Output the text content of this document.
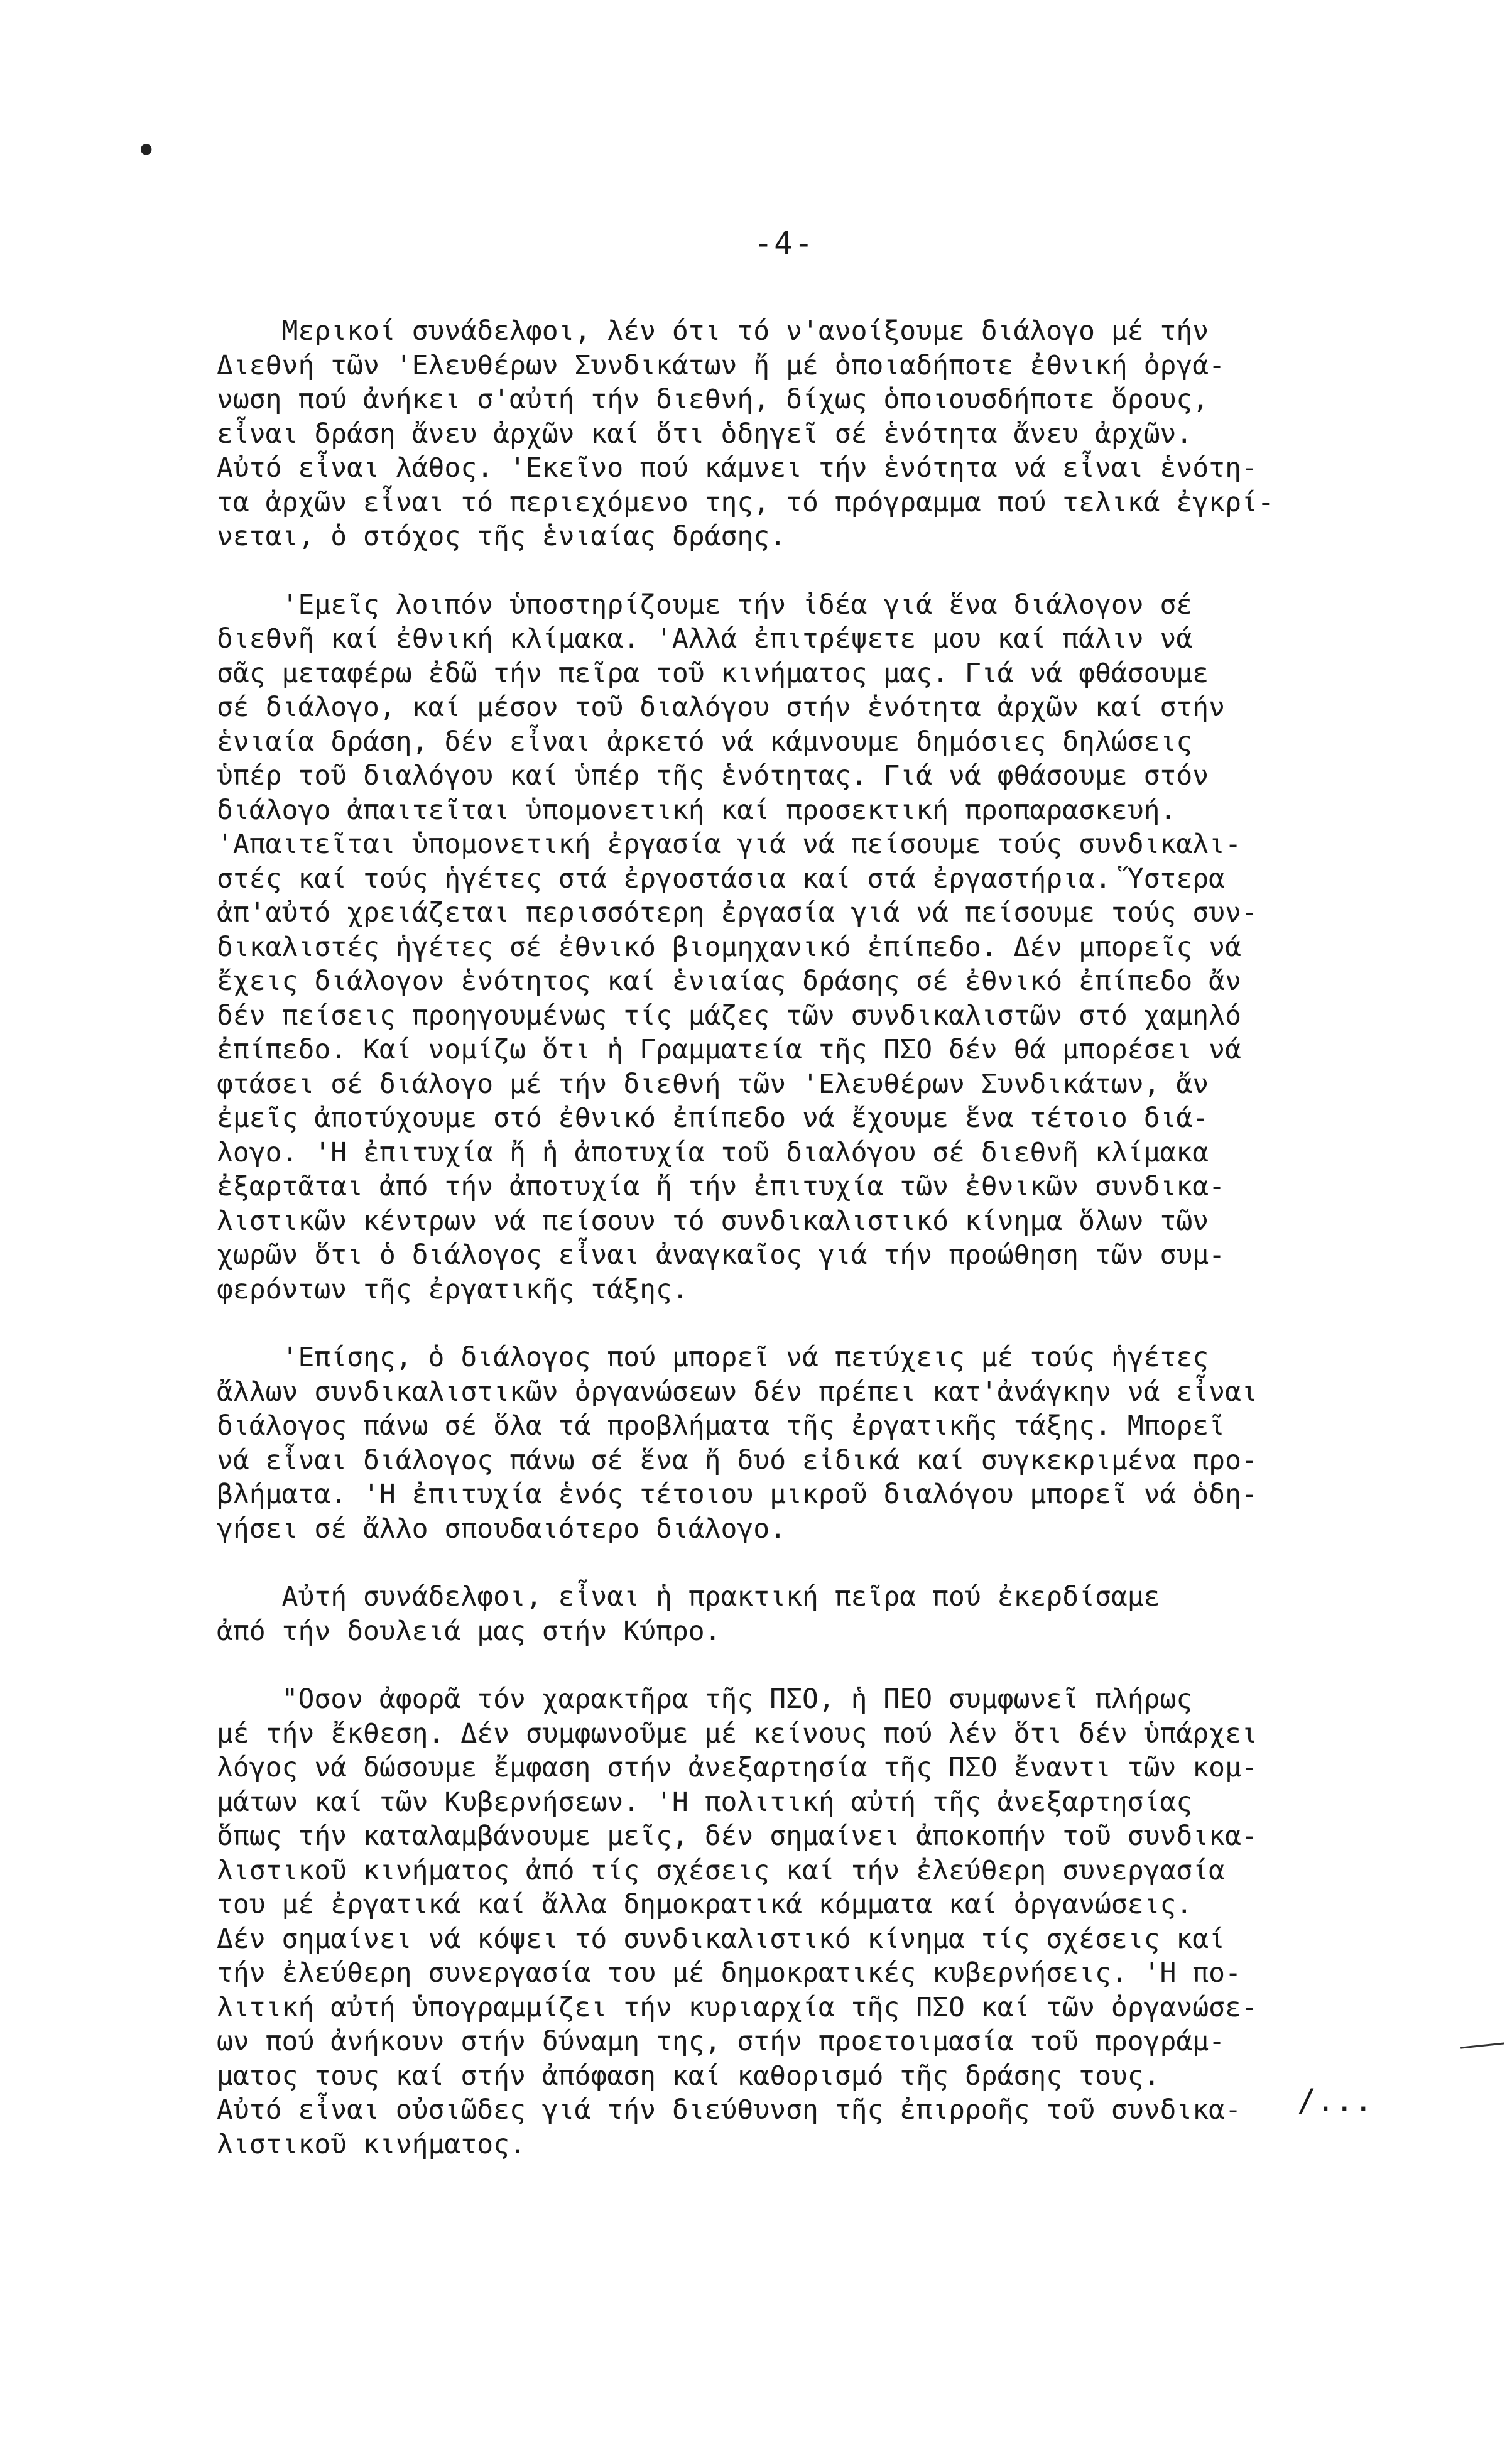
•
-4-

Μερικοί συνάδελφοι, λέν ότι τό ν'ανοίξουμε διάλογο μέ τήν
Διεθνή τῶν 'Ελευθέρων Συνδικάτων ἤ μέ ὁποιαδήποτε ἐθνική ὀργά-
νωση πού ἀνήκει σ'αὐτή τήν διεθνή, δίχως ὁποιουσδήποτε ὅρους,
εἶναι δράση ἄνευ ἀρχῶν καί ὅτι ὁδηγεῖ σέ ἑνότητα ἄνευ ἀρχῶν.
Αὐτό εἶναι λάθος. 'Εκεῖνο πού κάμνει τήν ἑνότητα νά εἶναι ἑνότη-
τα ἀρχῶν εἶναι τό περιεχόμενο της, τό πρόγραμμα πού τελικά ἐγκρί-
νεται, ὁ στόχος τῆς ἑνιαίας δράσης.

'Εμεῖς λοιπόν ὑποστηρίζουμε τήν ἰδέα γιά ἕνα διάλογον σέ
διεθνῆ καί ἐθνική κλίμακα. 'Αλλά ἐπιτρέψετε μου καί πάλιν νά
σᾶς μεταφέρω ἐδῶ τήν πεῖρα τοῦ κινήματος μας. Γιά νά φθάσουμε
σέ διάλογο, καί μέσον τοῦ διαλόγου στήν ἑνότητα ἀρχῶν καί στήν
ἑνιαία δράση, δέν εἶναι ἀρκετό νά κάμνουμε δημόσιες δηλώσεις
ὑπέρ τοῦ διαλόγου καί ὑπέρ τῆς ἑνότητας. Γιά νά φθάσουμε στόν
διάλογο ἀπαιτεῖται ὑπομονετική καί προσεκτική προπαρασκευή.
'Απαιτεῖται ὑπομονετική ἐργασία γιά νά πείσουμε τούς συνδικαλι-
στές καί τούς ἡγέτες στά ἐργοστάσια καί στά ἐργαστήρια. Ὕστερα
ἀπ'αὐτό χρειάζεται περισσότερη ἐργασία γιά νά πείσουμε τούς συν-
δικαλιστές ἡγέτες σέ ἐθνικό βιομηχανικό ἐπίπεδο. Δέν μπορεῖς νά
ἔχεις διάλογον ἑνότητος καί ἑνιαίας δράσης σέ ἐθνικό ἐπίπεδο ἄν
δέν πείσεις προηγουμένως τίς μάζες τῶν συνδικαλιστῶν στό χαμηλό
ἐπίπεδο. Καί νομίζω ὅτι ἡ Γραμματεία τῆς ΠΣΟ δέν θά μπορέσει νά
φτάσει σέ διάλογο μέ τήν διεθνή τῶν 'Ελευθέρων Συνδικάτων, ἄν
ἐμεῖς ἀποτύχουμε στό ἐθνικό ἐπίπεδο νά ἔχουμε ἕνα τέτοιο διά-
λογο. 'Η ἐπιτυχία ἤ ἡ ἀποτυχία τοῦ διαλόγου σέ διεθνῆ κλίμακα
ἐξαρτᾶται ἀπό τήν ἀποτυχία ἤ τήν ἐπιτυχία τῶν ἐθνικῶν συνδικα-
λιστικῶν κέντρων νά πείσουν τό συνδικαλιστικό κίνημα ὅλων τῶν
χωρῶν ὅτι ὁ διάλογος εἶναι ἀναγκαῖος γιά τήν προώθηση τῶν συμ-
φερόντων τῆς ἐργατικῆς τάξης.

'Επίσης, ὁ διάλογος πού μπορεῖ νά πετύχεις μέ τούς ἡγέτες
ἄλλων συνδικαλιστικῶν ὀργανώσεων δέν πρέπει κατ'ἀνάγκην νά εἶναι
διάλογος πάνω σέ ὅλα τά προβλήματα τῆς ἐργατικῆς τάξης. Μπορεῖ
νά εἶναι διάλογος πάνω σέ ἕνα ἤ δυό εἰδικά καί συγκεκριμένα προ-
βλήματα. 'Η ἐπιτυχία ἑνός τέτοιου μικροῦ διαλόγου μπορεῖ νά ὁδη-
γήσει σέ ἄλλο σπουδαιότερο διάλογο.

Αὐτή συνάδελφοι, εἶναι ἡ πρακτική πεῖρα πού ἐκερδίσαμε
ἀπό τήν δουλειά μας στήν Κύπρο.

"Οσον ἀφορᾶ τόν χαρακτῆρα τῆς ΠΣΟ, ἡ ΠΕΟ συμφωνεῖ πλήρως
μέ τήν ἔκθεση. Δέν συμφωνοῦμε μέ κείνους πού λέν ὅτι δέν ὑπάρχει
λόγος νά δώσουμε ἔμφαση στήν ἀνεξαρτησία τῆς ΠΣΟ ἔναντι τῶν κομ-
μάτων καί τῶν Κυβερνήσεων. 'Η πολιτική αὐτή τῆς ἀνεξαρτησίας
ὅπως τήν καταλαμβάνουμε μεῖς, δέν σημαίνει ἀποκοπήν τοῦ συνδικα-
λιστικοῦ κινήματος ἀπό τίς σχέσεις καί τήν ἐλεύθερη συνεργασία
του μέ ἐργατικά καί ἄλλα δημοκρατικά κόμματα καί ὀργανώσεις.
Δέν σημαίνει νά κόψει τό συνδικαλιστικό κίνημα τίς σχέσεις καί
τήν ἐλεύθερη συνεργασία του μέ δημοκρατικές κυβερνήσεις. 'Η πο-
λιτική αὐτή ὑπογραμμίζει τήν κυριαρχία τῆς ΠΣΟ καί τῶν ὀργανώσε-
ων πού ἀνήκουν στήν δύναμη της, στήν προετοιμασία τοῦ προγράμ-
ματος τους καί στήν ἀπόφαση καί καθορισμό τῆς δράσης τους.
Αὐτό εἶναι οὐσιῶδες γιά τήν διεύθυνση τῆς ἐπιρροῆς τοῦ συνδικα-
λιστικοῦ κινήματος.

/...
